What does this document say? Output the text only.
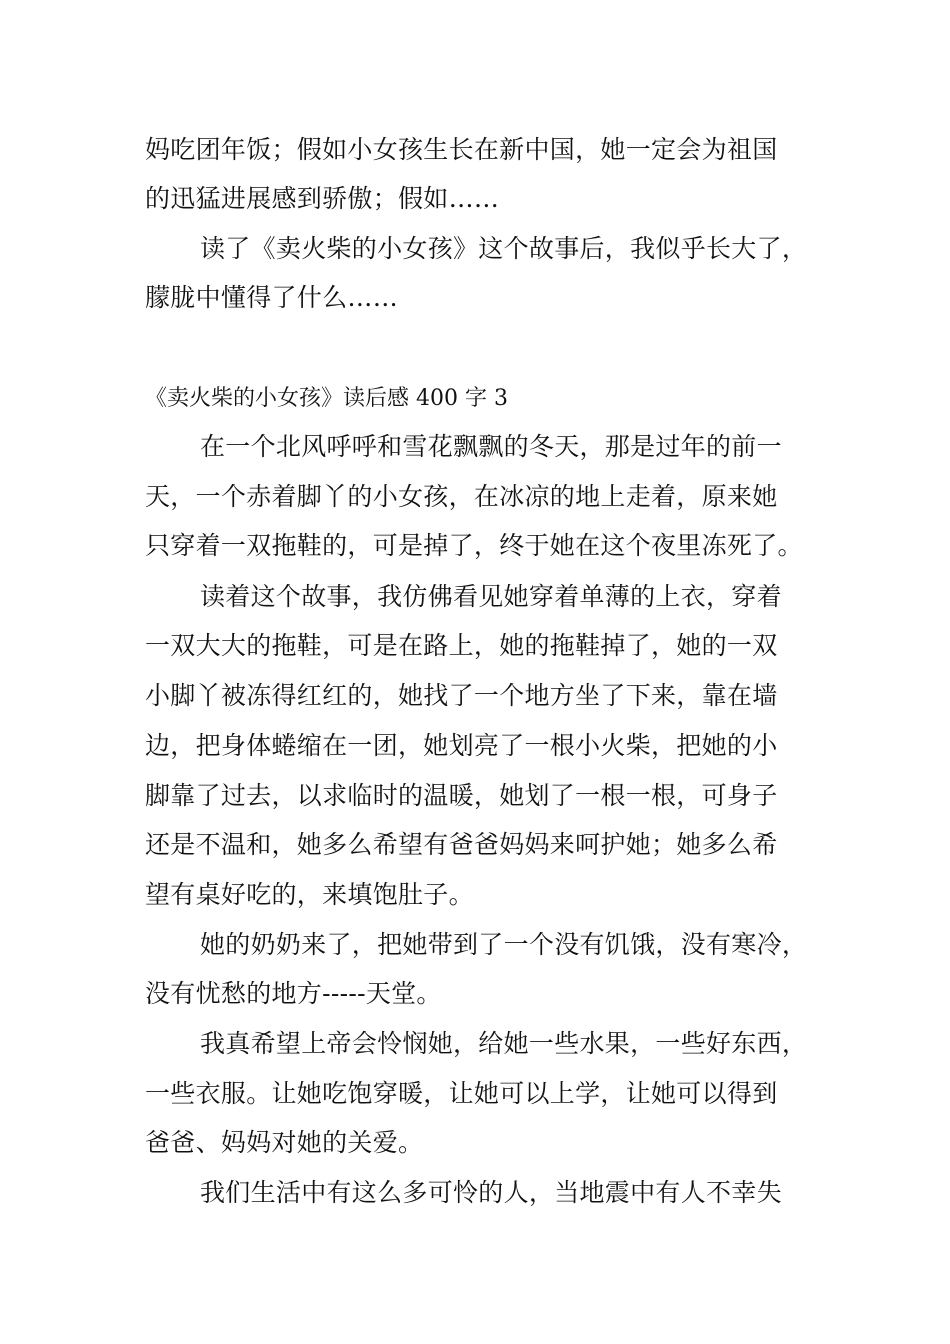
妈吃团年饭；假如小女孩生长在新中国，她一定会为祖国
的迅猛进展感到骄傲；假如……
读了《卖火柴的小女孩》这个故事后，我似乎长大了，
朦胧中懂得了什么……
《卖火柴的小女孩》读后感 400 字 3
在一个北风呼呼和雪花飘飘的冬天，那是过年的前一
天，一个赤着脚丫的小女孩，在冰凉的地上走着，原来她
只穿着一双拖鞋的，可是掉了，终于她在这个夜里冻死了。
读着这个故事，我仿佛看见她穿着单薄的上衣，穿着
一双大大的拖鞋，可是在路上，她的拖鞋掉了，她的一双
小脚丫被冻得红红的，她找了一个地方坐了下来，靠在墙
边，把身体蜷缩在一团，她划亮了一根小火柴，把她的小
脚靠了过去，以求临时的温暖，她划了一根一根，可身子
还是不温和，她多么希望有爸爸妈妈来呵护她；她多么希
望有桌好吃的，来填饱肚子。
她的奶奶来了，把她带到了一个没有饥饿，没有寒冷，
没有忧愁的地方-----天堂。
我真希望上帝会怜悯她，给她一些水果，一些好东西，
一些衣服。让她吃饱穿暖，让她可以上学，让她可以得到
爸爸、妈妈对她的关爱。
我们生活中有这么多可怜的人，当地震中有人不幸失
